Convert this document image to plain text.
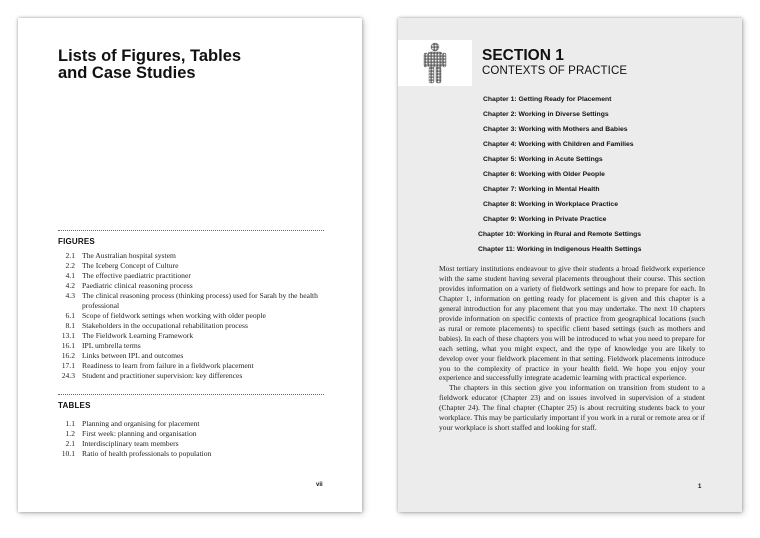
Lists of Figures, Tables
and Case Studies
FIGURES
2.1 The Australian hospital system
2.2 The Iceberg Concept of Culture
4.1 The effective paediatric practitioner
4.2 Paediatric clinical reasoning process
4.3 The clinical reasoning process (thinking process) used for Sarah by the health professional
6.1 Scope of fieldwork settings when working with older people
8.1 Stakeholders in the occupational rehabilitation process
13.1 The Fieldwork Learning Framework
16.1 IPL umbrella terms
16.2 Links between IPL and outcomes
17.1 Readiness to learn from failure in a fieldwork placement
24.3 Student and practitioner supervision: key differences
TABLES
1.1 Planning and organising for placement
1.2 First week: planning and organisation
2.1 Interdisciplinary team members
10.1 Ratio of health professionals to population
vii
SECTION 1
CONTEXTS OF PRACTICE
Chapter 1: Getting Ready for Placement
Chapter 2: Working in Diverse Settings
Chapter 3: Working with Mothers and Babies
Chapter 4: Working with Children and Families
Chapter 5: Working in Acute Settings
Chapter 6: Working with Older People
Chapter 7: Working in Mental Health
Chapter 8: Working in Workplace Practice
Chapter 9: Working in Private Practice
Chapter 10: Working in Rural and Remote Settings
Chapter 11: Working in Indigenous Health Settings

Most tertiary institutions endeavour to give their students a broad fieldwork experience with the same student having several placements throughout their course. This section provides information on a variety of fieldwork settings and how to prepare for each. In Chapter 1, information on getting ready for placement is given and this chapter is a general introduction for any placement that you may undertake. The next 10 chapters provide information on specific contexts of practice from geographical locations (such as rural or remote placements) to specific client based settings (such as mothers and babies). In each of these chapters you will be introduced to what you need to prepare for each setting, what you might expect, and the type of knowledge you are likely to develop over your fieldwork placement in that setting. Fieldwork placements introduce you to the complexity of practice in your health field. We hope you enjoy your experience and successfully integrate academic learning with practical experience.

The chapters in this section give you information on transition from student to a fieldwork educator (Chapter 23) and on issues involved in supervision of a student (Chapter 24). The final chapter (Chapter 25) is about recruiting students back to your workplace. This may be particularly important if you work in a rural or remote area or if your workplace is short staffed and looking for staff.

1
